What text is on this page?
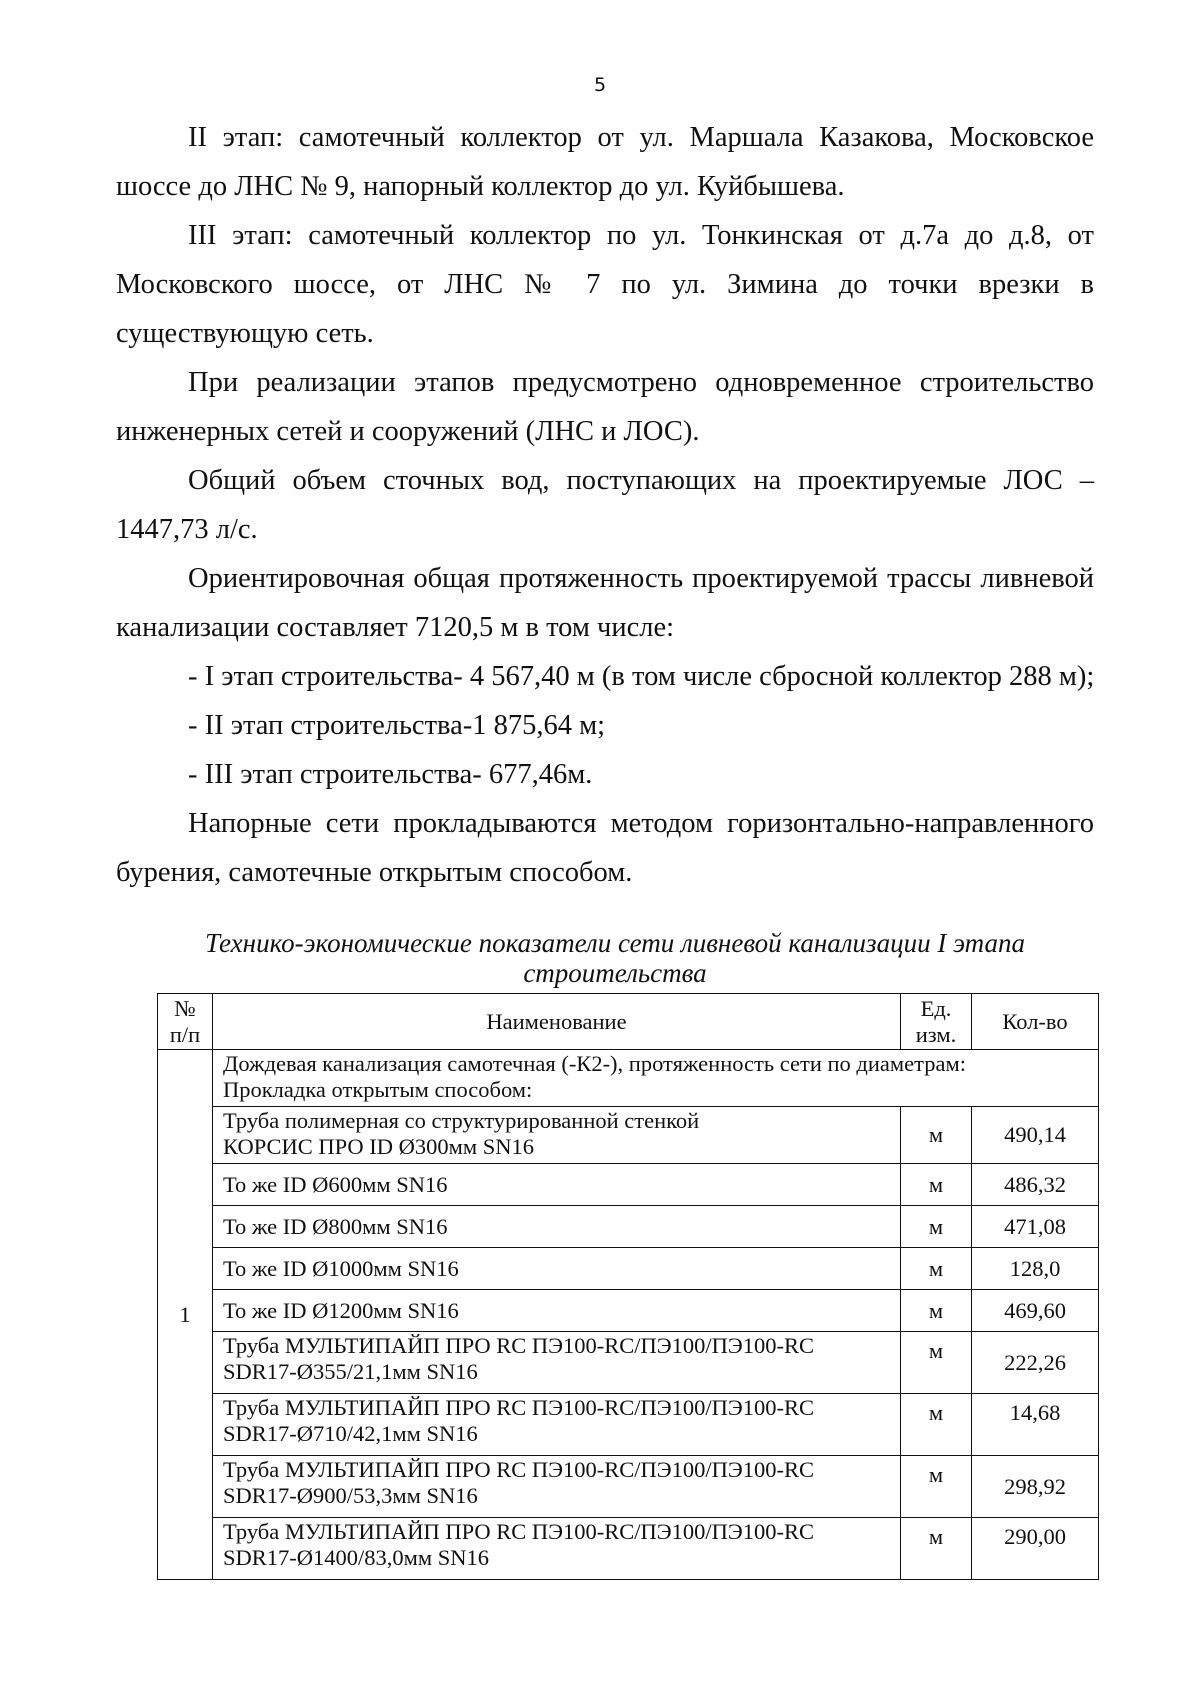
5

II этап: самотечный коллектор от ул. Маршала Казакова, Московское шоссе до ЛНС № 9, напорный коллектор до ул. Куйбышева.

III этап: самотечный коллектор по ул. Тонкинская от д.7а до д.8, от Московского шоссе, от ЛНС № 7 по ул. Зимина до точки врезки в существующую сеть.

При реализации этапов предусмотрено одновременное строительство инженерных сетей и сооружений (ЛНС и ЛОС).

Общий объем сточных вод, поступающих на проектируемые ЛОС – 1447,73 л/с.

Ориентировочная общая протяженность проектируемой трассы ливневой канализации составляет 7120,5 м в том числе:

- I этап строительства- 4 567,40 м (в том числе сбросной коллектор 288 м);

- II этап строительства-1 875,64 м;

- III этап строительства- 677,46м.

Напорные сети прокладываются методом горизонтально-направленного бурения, самотечные открытым способом.

Технико-экономические показатели сети ливневой канализации I этапа
строительства
№
п/п	Наименование	Ед.
изм.	Кол-во
1	Дождевая канализация самотечная (-К2-), протяженность сети по диаметрам:
Прокладка открытым способом:		

	Труба полимерная со структурированной стенкой
КОРСИС ПРО ID Ø300мм SN16	м	490,14

	То же ID Ø600мм SN16	м	486,32

	То же ID Ø800мм SN16	м	471,08

	То же ID Ø1000мм SN16	м	128,0

	То же ID Ø1200мм SN16	м	469,60

	Труба МУЛЬТИПАЙП ПРО RC ПЭ100-RC/ПЭ100/ПЭ100-RC
SDR17-Ø355/21,1мм SN16	м	222,26

	Труба МУЛЬТИПАЙП ПРО RC ПЭ100-RC/ПЭ100/ПЭ100-RC
SDR17-Ø710/42,1мм SN16	м	14,68

	Труба МУЛЬТИПАЙП ПРО RC ПЭ100-RC/ПЭ100/ПЭ100-RC
SDR17-Ø900/53,3мм SN16	м	298,92

	Труба МУЛЬТИПАЙП ПРО RC ПЭ100-RC/ПЭ100/ПЭ100-RC
SDR17-Ø1400/83,0мм SN16	м	290,00
